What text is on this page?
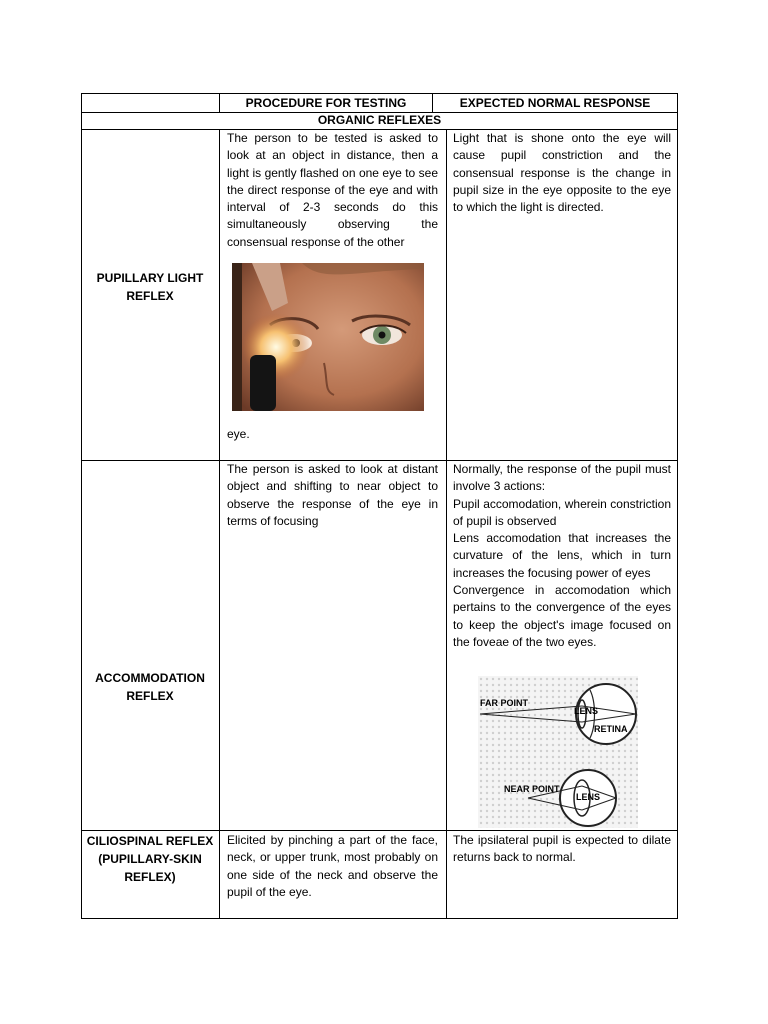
PROCEDURE FOR TESTING	EXPECTED NORMAL RESPONSE
ORGANIC REFLEXES
PUPILLARY LIGHT REFLEX
The person to be tested is asked to look at an object in distance, then a light is gently flashed on one eye to see the direct response of the eye and with interval of 2-3 seconds do this simultaneously observing the consensual response of the other
eye.
Light that is shone onto the eye will cause pupil constriction and the consensual response is the change in pupil size in the eye opposite to the eye to which the light is directed.
ACCOMMODATION REFLEX
The person is asked to look at distant object and shifting to near object to observe the response of the eye in terms of focusing
Normally, the response of the pupil must involve 3 actions:
Pupil accomodation, wherein constriction of pupil is observed
Lens accomodation that increases the curvature of the lens, which in turn increases the focusing power of eyes
Convergence in accomodation which pertains to the convergence of the eyes to keep the object's image focused on the foveae of the two eyes.
FAR POINT
LENS
RETINA
NEAR POINT
LENS
CILIOSPINAL REFLEX (PUPILLARY-SKIN REFLEX)
Elicited by pinching a part of the face, neck, or upper trunk, most probably on one side of the neck and observe the pupil of the eye.
The ipsilateral pupil is expected to dilate returns back to normal.
